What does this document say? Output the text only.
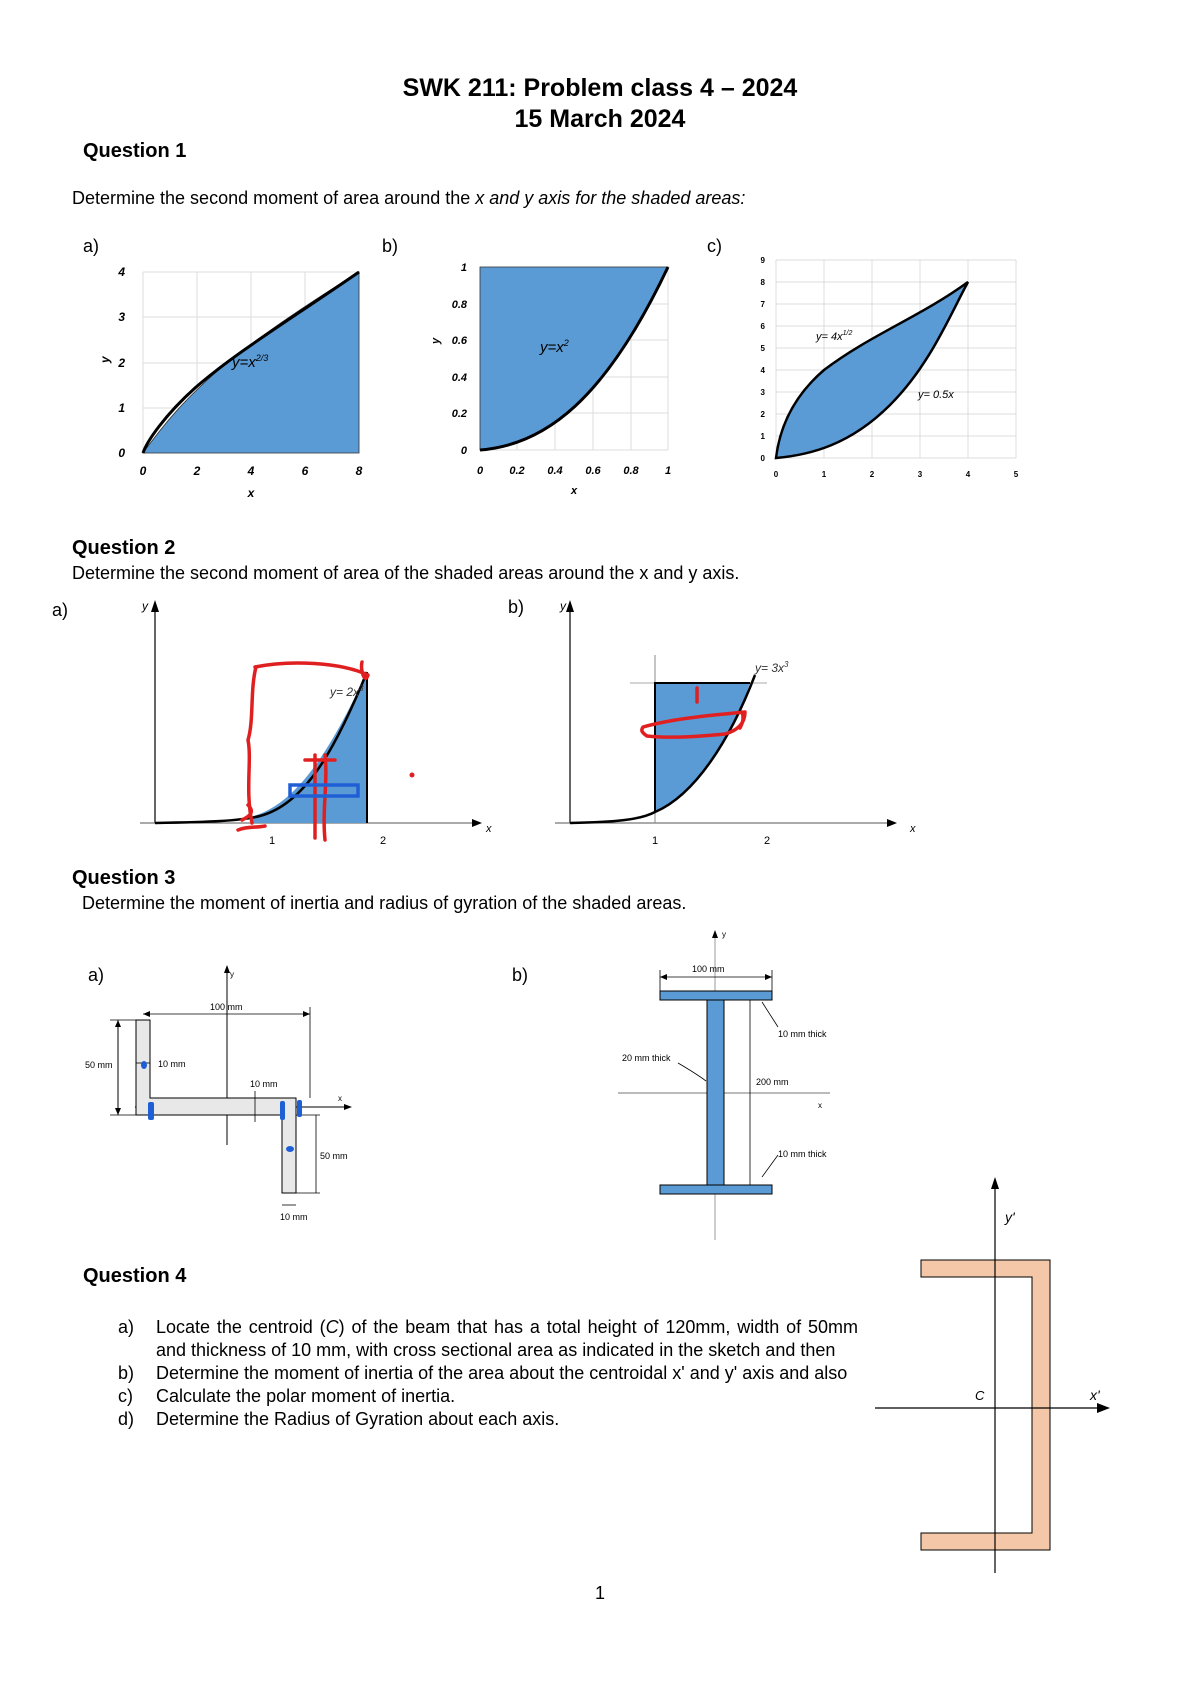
SWK 211: Problem class 4 – 2024
15 March 2024
Question 1
Determine the second moment of area around the x and y axis for the shaded areas:
a)	b)	c)
$y=x^{2/3}$
0	2	4	6	8
x
0
1
2
3
4
y
$y=x^2$
0 0.2 0.4 0.6 0.8 1
x
0
0.2
0.4
0.6
0.8
1
y	$y= 4x^{1/2}$
y= 0.5x
0	1	2	3	4	5
0
1
2
3
4
5
6
7
8
9
Question 2
Determine the second moment of area of the shaded areas around the x and y axis.
a)	b)
$y= 2x^3$
y
x
1	2
$y= 3x^3$
y
x
1	2
Question 3
Determine the moment of inertia and radius of gyration of the shaded areas.
a)	b)
y
x
50 mm	10 mm
100 mm
10 mm
50 mm
10 mm
y
x
100 mm
10 mm thick
20 mm thick
200 mm
10 mm thick
Question 4
a)	Locate the centroid (C) of the beam that has a total height of 120mm, width of 50mm and thickness of 10 mm, with cross sectional area as indicated in the sketch and then
b)	Determine the moment of inertia of the area about the centroidal x' and y' axis and also
c)	Calculate the polar moment of inertia.
d)	Determine the Radius of Gyration about each axis.
y'
x'
C
1
